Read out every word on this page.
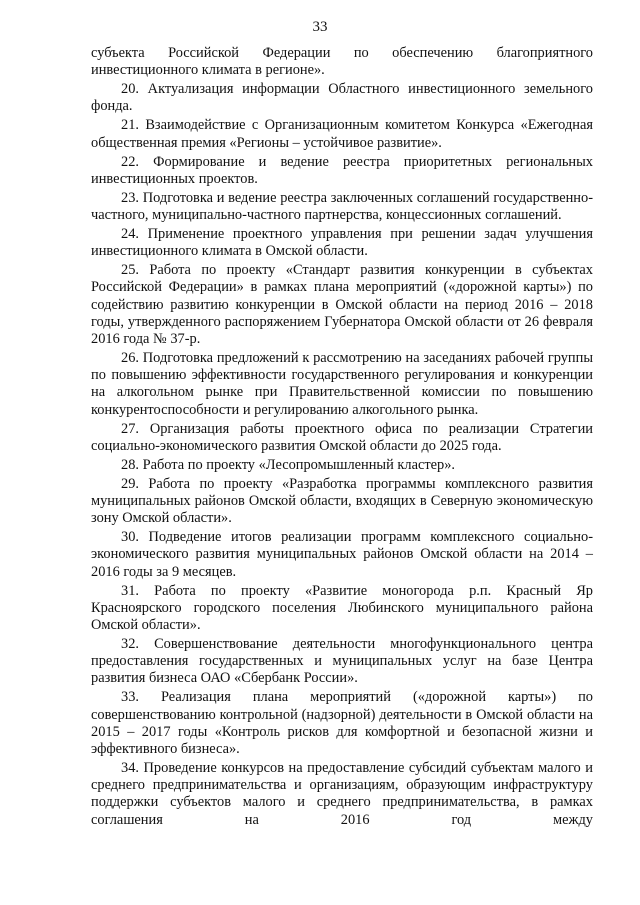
33

субъекта Российской Федерации по обеспечению благоприятного инвестиционного климата в регионе».

20. Актуализация информации Областного инвестиционного земельного фонда.

21. Взаимодействие с Организационным комитетом Конкурса «Ежегодная общественная премия «Регионы – устойчивое развитие».

22. Формирование и ведение реестра приоритетных региональных инвестиционных проектов.

23. Подготовка и ведение реестра заключенных соглашений государственно-частного, муниципально-частного партнерства, концессионных соглашений.

24. Применение проектного управления при решении задач улучшения инвестиционного климата в Омской области.

25. Работа по проекту «Стандарт развития конкуренции в субъектах Российской Федерации» в рамках плана мероприятий («дорожной карты») по содействию развитию конкуренции в Омской области на период 2016 – 2018 годы, утвержденного распоряжением Губернатора Омской области от 26 февраля 2016 года № 37-р.

26. Подготовка предложений к рассмотрению на заседаниях рабочей группы по повышению эффективности государственного регулирования и конкуренции на алкогольном рынке при Правительственной комиссии по повышению конкурентоспособности и регулированию алкогольного рынка.

27. Организация работы проектного офиса по реализации Стратегии социально-экономического развития Омской области до 2025 года.

28. Работа по проекту «Лесопромышленный кластер».

29. Работа по проекту «Разработка программы комплексного развития муниципальных районов Омской области, входящих в Северную экономическую зону Омской области».

30. Подведение итогов реализации программ комплексного социально-экономического развития муниципальных районов Омской области на 2014 – 2016 годы за 9 месяцев.

31. Работа по проекту «Развитие моногорода р.п. Красный Яр Красноярского городского поселения Любинского муниципального района Омской области».

32. Совершенствование деятельности многофункционального центра предоставления государственных и муниципальных услуг на базе Центра развития бизнеса ОАО «Сбербанк России».

33. Реализация плана мероприятий («дорожной карты») по совершенствованию контрольной (надзорной) деятельности в Омской области на 2015 – 2017 годы «Контроль рисков для комфортной и безопасной жизни и эффективного бизнеса».

34. Проведение конкурсов на предоставление субсидий субъектам малого и среднего предпринимательства и организациям, образующим инфраструктуру поддержки субъектов малого и среднего предпринимательства, в рамках соглашения на 2016 год между
